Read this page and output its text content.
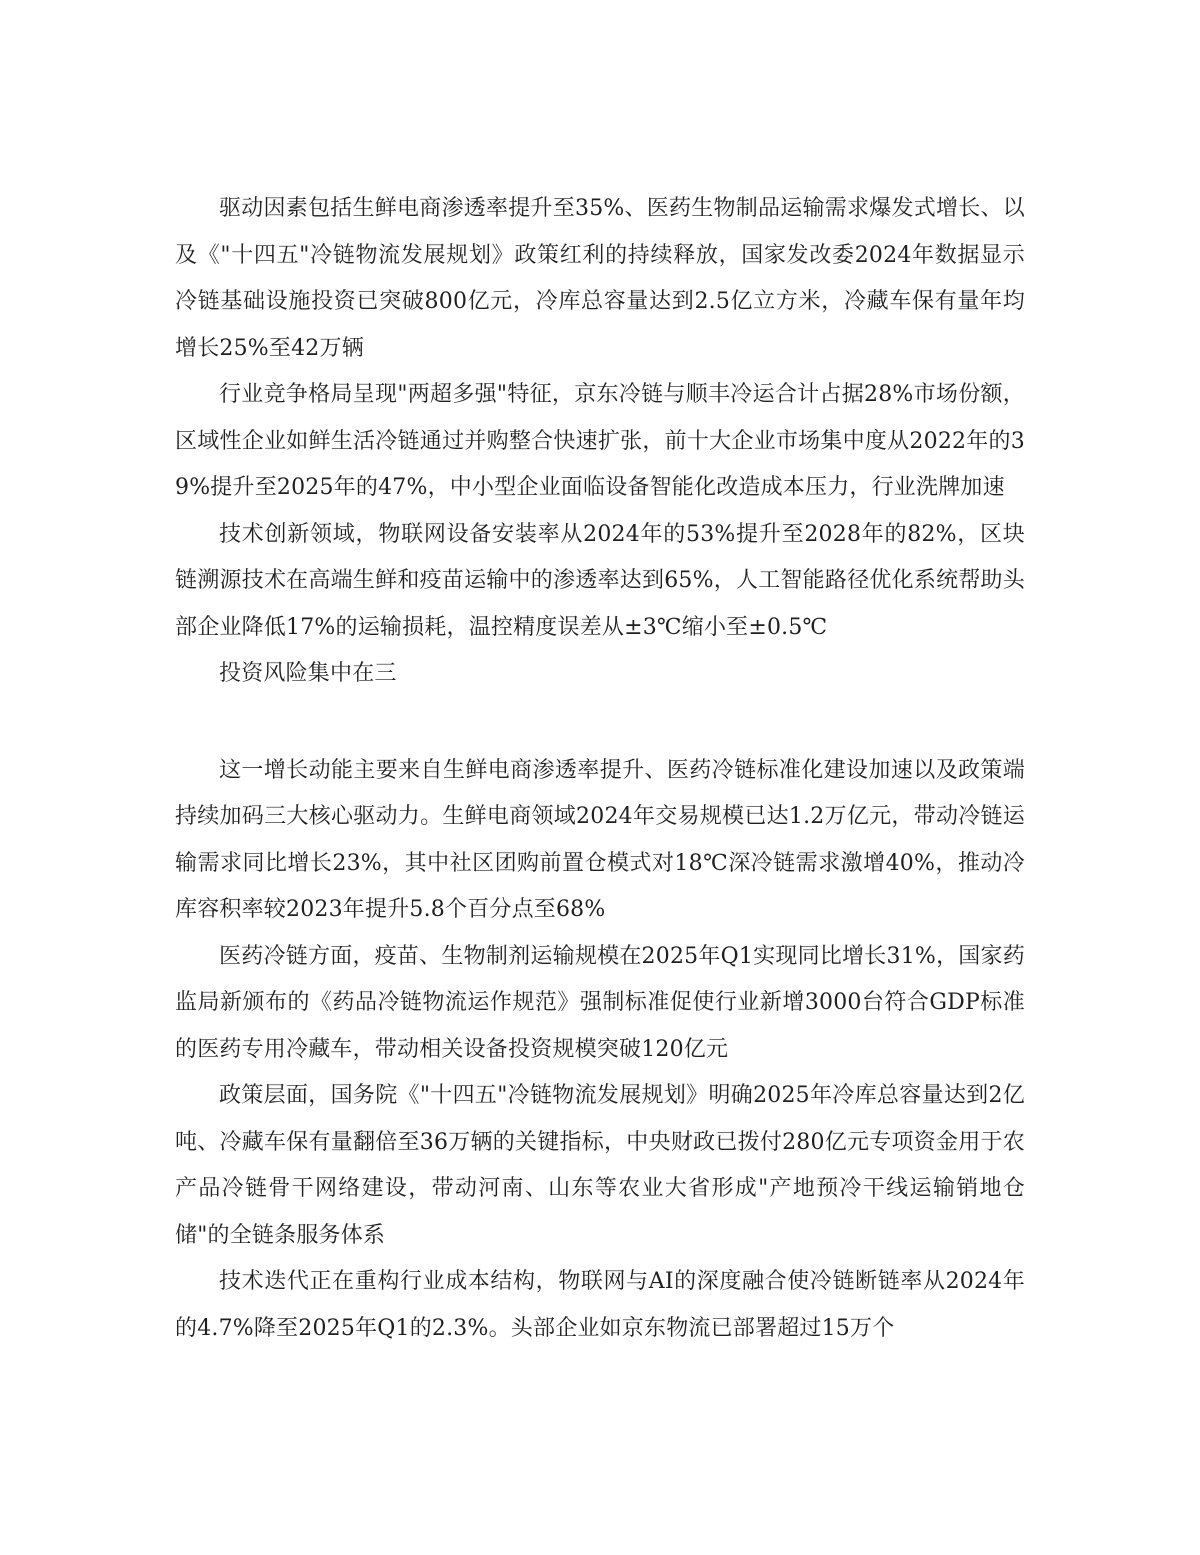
驱动因素包括生鲜电商渗透率提升至35%、医药生物制品运输需求爆发式增长、以及《"十四五"冷链物流发展规划》政策红利的持续释放，国家发改委2024年数据显示冷链基础设施投资已突破800亿元，冷库总容量达到2.5亿立方米，冷藏车保有量年均增长25%至42万辆

行业竞争格局呈现"两超多强"特征，京东冷链与顺丰冷运合计占据28%市场份额，区域性企业如鲜生活冷链通过并购整合快速扩张，前十大企业市场集中度从2022年的39%提升至2025年的47%，中小型企业面临设备智能化改造成本压力，行业洗牌加速

技术创新领域，物联网设备安装率从2024年的53%提升至2028年的82%，区块链溯源技术在高端生鲜和疫苗运输中的渗透率达到65%，人工智能路径优化系统帮助头部企业降低17%的运输损耗，温控精度误差从±3℃缩小至±0.5℃

投资风险集中在三

这一增长动能主要来自生鲜电商渗透率提升、医药冷链标准化建设加速以及政策端持续加码三大核心驱动力。生鲜电商领域2024年交易规模已达1.2万亿元，带动冷链运输需求同比增长23%，其中社区团购前置仓模式对18℃深冷链需求激增40%，推动冷库容积率较2023年提升5.8个百分点至68%

医药冷链方面，疫苗、生物制剂运输规模在2025年Q1实现同比增长31%，国家药监局新颁布的《药品冷链物流运作规范》强制标准促使行业新增3000台符合GDP标准的医药专用冷藏车，带动相关设备投资规模突破120亿元

政策层面，国务院《"十四五"冷链物流发展规划》明确2025年冷库总容量达到2亿吨、冷藏车保有量翻倍至36万辆的关键指标，中央财政已拨付280亿元专项资金用于农产品冷链骨干网络建设，带动河南、山东等农业大省形成"产地预冷干线运输销地仓储"的全链条服务体系

技术迭代正在重构行业成本结构，物联网与AI的深度融合使冷链断链率从2024年的4.7%降至2025年Q1的2.3%。头部企业如京东物流已部署超过15万个
